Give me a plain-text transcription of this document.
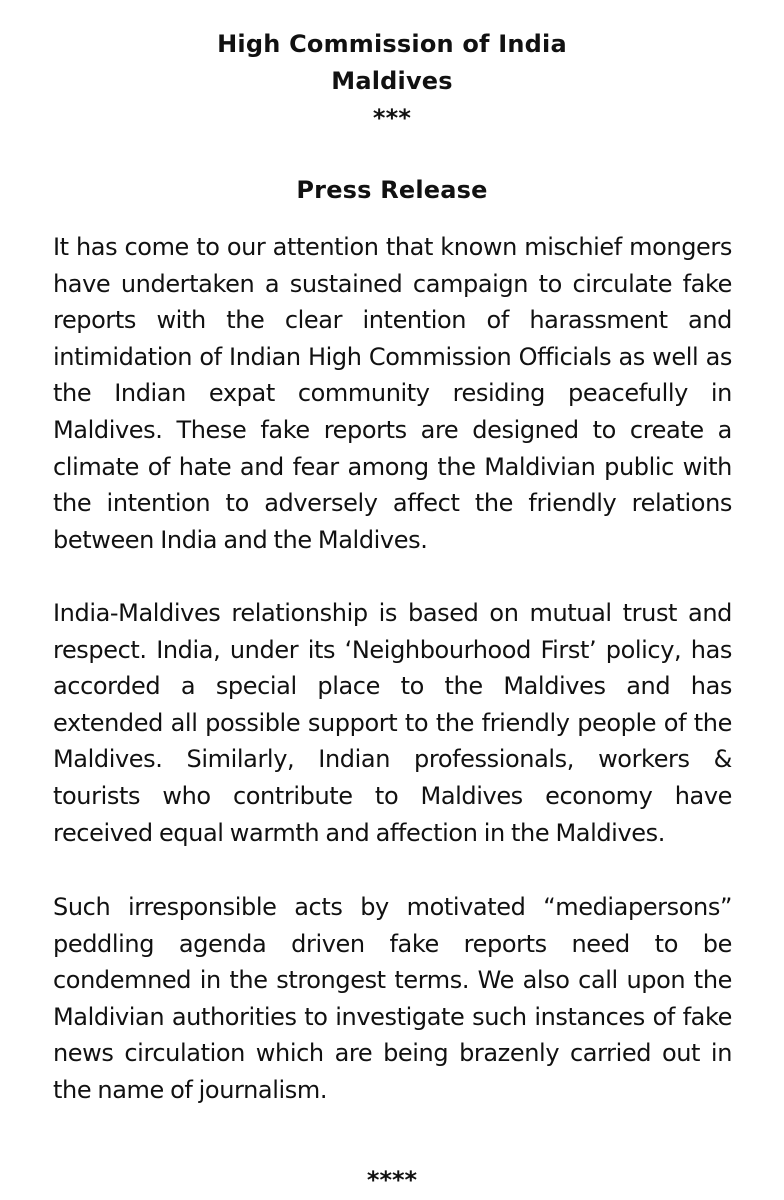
High Commission of India
Maldives
***
Press Release

It has come to our attention that known mischief mongers have undertaken a sustained campaign to circulate fake reports with the clear intention of harassment and intimidation of Indian High Commission Officials as well as the Indian expat community residing peacefully in Maldives. These fake reports are designed to create a climate of hate and fear among the Maldivian public with the intention to adversely affect the friendly relations between India and the Maldives.

India-Maldives relationship is based on mutual trust and respect. India, under its ‘Neighbourhood First’ policy, has accorded a special place to the Maldives and has extended all possible support to the friendly people of the Maldives. Similarly, Indian professionals, workers & tourists who contribute to Maldives economy have received equal warmth and affection in the Maldives.

Such irresponsible acts by motivated “mediapersons” peddling agenda driven fake reports need to be condemned in the strongest terms. We also call upon the Maldivian authorities to investigate such instances of fake news circulation which are being brazenly carried out in the name of journalism.

****
